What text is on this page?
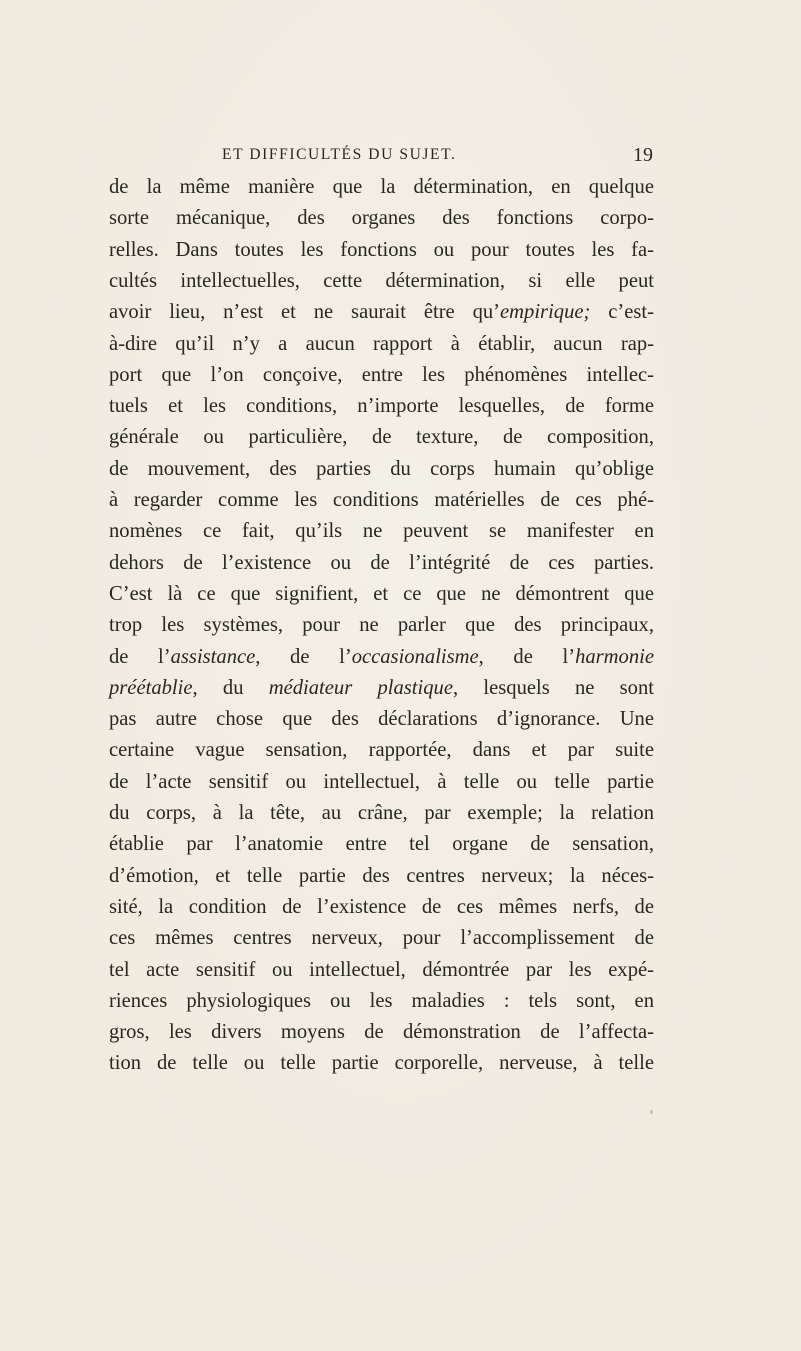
ET DIFFICULTÉS DU SUJET.	19
de la même manière que la détermination, en quelque
sorte mécanique, des organes des fonctions corpo-
relles. Dans toutes les fonctions ou pour toutes les fa-
cultés intellectuelles, cette détermination, si elle peut
avoir lieu, n’est et ne saurait être qu’empirique; c’est-
à-dire qu’il n’y a aucun rapport à établir, aucun rap-
port que l’on conçoive, entre les phénomènes intellec-
tuels et les conditions, n’importe lesquelles, de forme
générale ou particulière, de texture, de composition,
de mouvement, des parties du corps humain qu’oblige
à regarder comme les conditions matérielles de ces phé-
nomènes ce fait, qu’ils ne peuvent se manifester en
dehors de l’existence ou de l’intégrité de ces parties.
C’est là ce que signifient, et ce que ne démontrent que
trop les systèmes, pour ne parler que des principaux,
de l’assistance, de l’occasionalisme, de l’harmonie
préétablie, du médiateur plastique, lesquels ne sont
pas autre chose que des déclarations d’ignorance. Une
certaine vague sensation, rapportée, dans et par suite
de l’acte sensitif ou intellectuel, à telle ou telle partie
du corps, à la tête, au crâne, par exemple; la relation
établie par l’anatomie entre tel organe de sensation,
d’émotion, et telle partie des centres nerveux; la néces-
sité, la condition de l’existence de ces mêmes nerfs, de
ces mêmes centres nerveux, pour l’accomplissement de
tel acte sensitif ou intellectuel, démontrée par les expé-
riences physiologiques ou les maladies : tels sont, en
gros, les divers moyens de démonstration de l’affecta-
tion de telle ou telle partie corporelle, nerveuse, à telle
